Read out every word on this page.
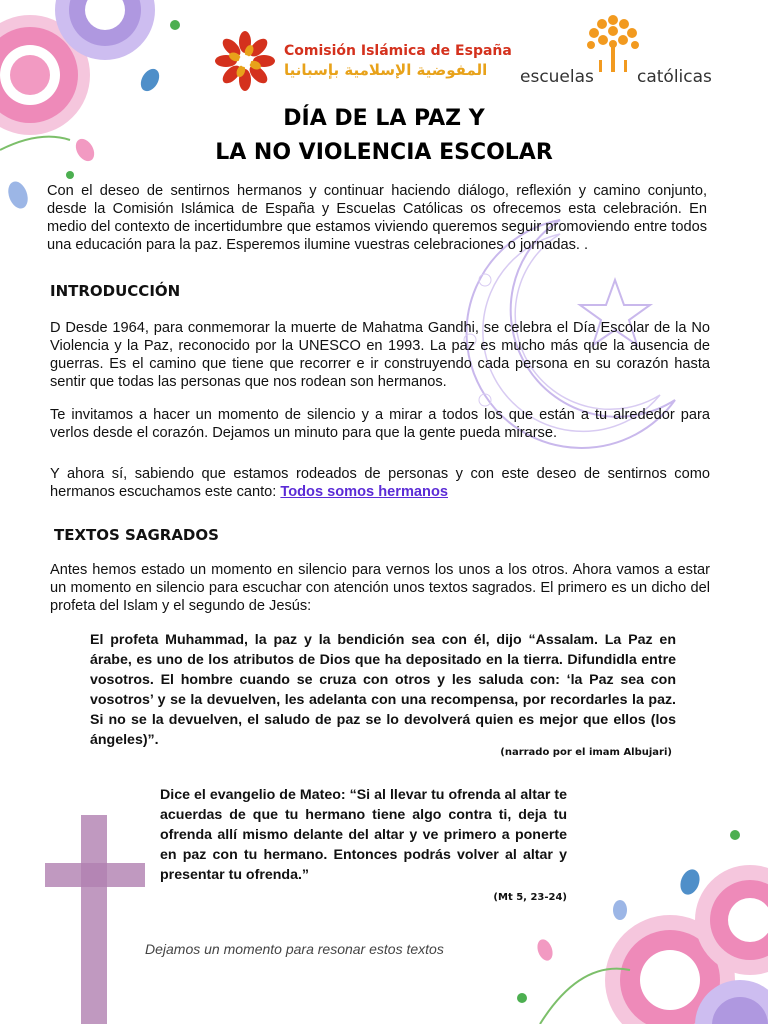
Comisión Islámica de España
المفوضية الإسلامية بإسبانيا	escuelas	católicas
DÍA DE LA PAZ Y
LA NO VIOLENCIA ESCOLAR
Con el deseo de sentirnos hermanos y continuar haciendo diálogo, reflexión y camino conjunto, desde la Comisión Islámica de España y Escuelas Católicas os ofrecemos esta celebración. En medio del contexto de incertidumbre que estamos viviendo queremos seguir promoviendo entre todos una educación para la paz. Esperemos ilumine vuestras celebraciones o jornadas. .
INTRODUCCIÓN
D Desde 1964, para conmemorar la muerte de Mahatma Gandhi, se celebra el Día Escolar de la No Violencia y la Paz, reconocido por la UNESCO en 1993. La paz es mucho más que la ausencia de guerras. Es el camino que tiene que recorrer e ir construyendo cada persona en su corazón hasta sentir que todas las personas que nos rodean son hermanos.
Te invitamos a hacer un momento de silencio y a mirar a todos los que están a tu alrededor para verlos desde el corazón. Dejamos un minuto para que la gente pueda mirarse.
Y ahora sí, sabiendo que estamos rodeados de personas y con este deseo de sentirnos como hermanos escuchamos este canto: Todos somos hermanos
TEXTOS SAGRADOS
Antes hemos estado un momento en silencio para vernos los unos a los otros. Ahora vamos a estar un momento en silencio para escuchar con atención unos textos sagrados. El primero es un dicho del profeta del Islam y el segundo de Jesús:
El profeta Muhammad, la paz y la bendición sea con él, dijo “Assalam. La Paz en árabe, es uno de los atributos de Dios que ha depositado en la tierra. Difundidla entre vosotros. El hombre cuando se cruza con otros y les saluda con: ‘la Paz sea con vosotros’ y se la devuelven, les adelanta con una recompensa, por recordarles la paz. Si no se la devuelven, el saludo de paz se lo devolverá quien es mejor que ellos (los ángeles)”.
(narrado por el imam Albujari)
Dice el evangelio de Mateo: “Si al llevar tu ofrenda al altar te acuerdas de que tu hermano tiene algo contra ti, deja tu ofrenda allí mismo delante del altar y ve primero a ponerte en paz con tu hermano. Entonces podrás volver al altar y presentar tu ofrenda.”
(Mt 5, 23-24)
Dejamos un momento para resonar estos textos
